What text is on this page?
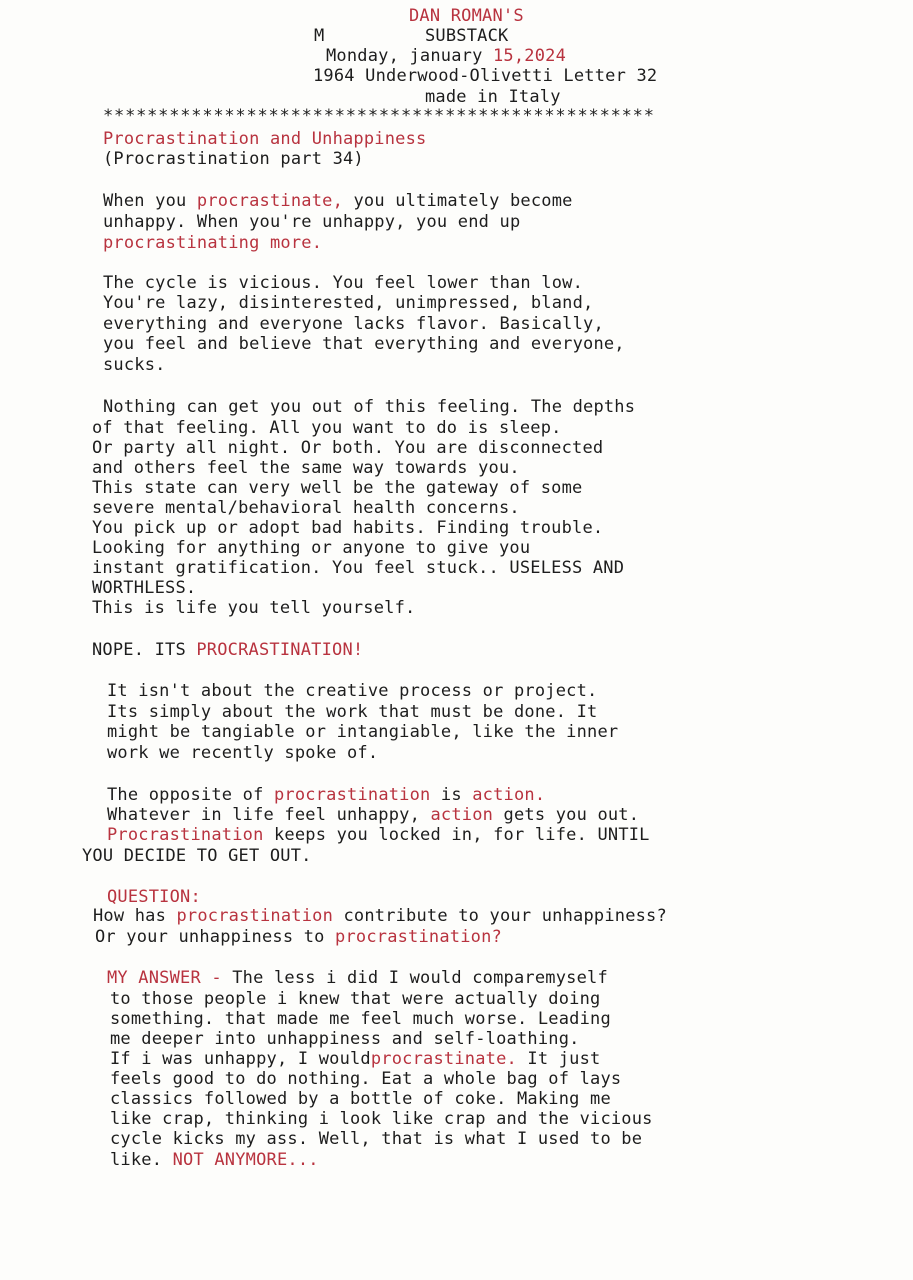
DAN ROMAN'S
M	SUBSTACK
Monday, january 15,2024
1964 Underwood-Olivetti Letter 32
made in Italy
**************************************************
Procrastination and Unhappiness
(Procrastination part 34)
When you procrastinate, you ultimately become
unhappy. When you're unhappy, you end up
procrastinating more.
The cycle is vicious. You feel lower than low.
You're lazy, disinterested, unimpressed, bland,
everything and everyone lacks flavor. Basically,
you feel and believe that everything and everyone,
sucks.
Nothing can get you out of this feeling. The depths
of that feeling. All you want to do is sleep.
Or party all night. Or both. You are disconnected
and others feel the same way towards you.
This state can very well be the gateway of some
severe mental/behavioral health concerns.
You pick up or adopt bad habits. Finding trouble.
Looking for anything or anyone to give you
instant gratification. You feel stuck.. USELESS AND
WORTHLESS.
This is life you tell yourself.
NOPE. ITS PROCRASTINATION!
It isn't about the creative process or project.
Its simply about the work that must be done. It
might be tangiable or intangiable, like the inner
work we recently spoke of.
The opposite of procrastination is action.
Whatever in life feel unhappy, action gets you out.
Procrastination keeps you locked in, for life. UNTIL
YOU DECIDE TO GET OUT.
QUESTION:
How has procrastination contribute to your unhappiness?
Or your unhappiness to procrastination?
MY ANSWER - The less i did I would comparemyself
to those people i knew that were actually doing
something. that made me feel much worse. Leading
me deeper into unhappiness and self-loathing.
If i was unhappy, I wouldprocrastinate. It just
feels good to do nothing. Eat a whole bag of lays
classics followed by a bottle of coke. Making me
like crap, thinking i look like crap and the vicious
cycle kicks my ass. Well, that is what I used to be
like. NOT ANYMORE...
